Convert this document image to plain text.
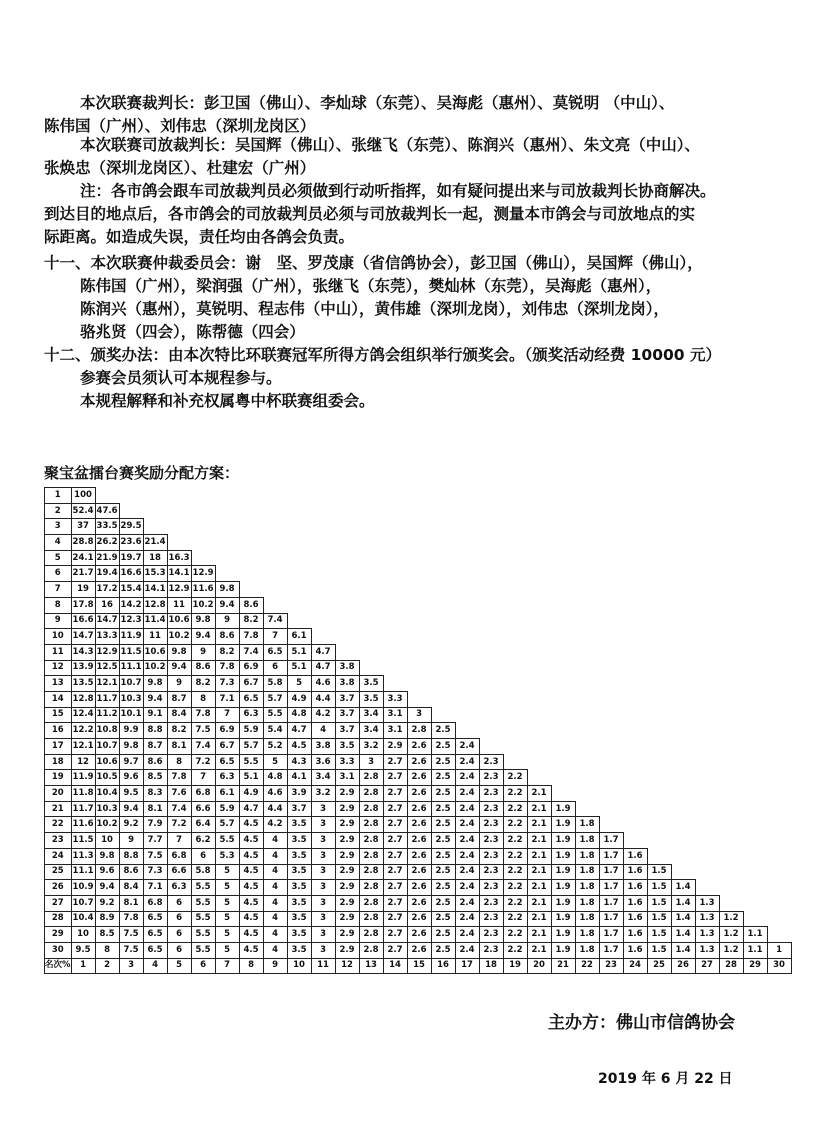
本次联赛裁判长：彭卫国（佛山）、李灿球（东莞）、吴海彪（惠州）、莫锐明 （中山）、
陈伟国（广州）、刘伟忠（深圳龙岗区）
本次联赛司放裁判长：吴国辉（佛山）、张继飞（东莞）、陈润兴（惠州）、朱文亮（中山）、
张焕忠（深圳龙岗区）、杜建宏（广州）
注：各市鸽会跟车司放裁判员必须做到行动听指挥，如有疑问提出来与司放裁判长协商解决。
到达目的地点后，各市鸽会的司放裁判员必须与司放裁判长一起，测量本市鸽会与司放地点的实
际距离。如造成失误，责任均由各鸽会负责。
十一、本次联赛仲裁委员会：谢　坚、罗茂康（省信鸽协会），彭卫国（佛山），吴国辉（佛山），
陈伟国（广州），梁润强（广州），张继飞（东莞），樊灿林（东莞），吴海彪（惠州），
陈润兴（惠州），莫锐明、程志伟（中山），黄伟雄（深圳龙岗），刘伟忠（深圳龙岗），
骆兆贤（四会），陈帮德（四会）
十二、颁奖办法：由本次特比环联赛冠军所得方鸽会组织举行颁奖会。（颁奖活动经费 10000 元）
参赛会员须认可本规程参与。
本规程解释和补充权属粤中杯联赛组委会。
聚宝盆擂台赛奖励分配方案：
1	100																													
2	52.4	47.6																												
3	37	33.5	29.5																											
4	28.8	26.2	23.6	21.4																										
5	24.1	21.9	19.7	18	16.3																									
6	21.7	19.4	16.6	15.3	14.1	12.9																								
7	19	17.2	15.4	14.1	12.9	11.6	9.8																							
8	17.8	16	14.2	12.8	11	10.2	9.4	8.6																						
9	16.6	14.7	12.3	11.4	10.6	9.8	9	8.2	7.4																					
10	14.7	13.3	11.9	11	10.2	9.4	8.6	7.8	7	6.1																				
11	14.3	12.9	11.5	10.6	9.8	9	8.2	7.4	6.5	5.1	4.7																			
12	13.9	12.5	11.1	10.2	9.4	8.6	7.8	6.9	6	5.1	4.7	3.8																		
13	13.5	12.1	10.7	9.8	9	8.2	7.3	6.7	5.8	5	4.6	3.8	3.5																	
14	12.8	11.7	10.3	9.4	8.7	8	7.1	6.5	5.7	4.9	4.4	3.7	3.5	3.3																
15	12.4	11.2	10.1	9.1	8.4	7.8	7	6.3	5.5	4.8	4.2	3.7	3.4	3.1	3															
16	12.2	10.8	9.9	8.8	8.2	7.5	6.9	5.9	5.4	4.7	4	3.7	3.4	3.1	2.8	2.5														
17	12.1	10.7	9.8	8.7	8.1	7.4	6.7	5.7	5.2	4.5	3.8	3.5	3.2	2.9	2.6	2.5	2.4													
18	12	10.6	9.7	8.6	8	7.2	6.5	5.5	5	4.3	3.6	3.3	3	2.7	2.6	2.5	2.4	2.3												
19	11.9	10.5	9.6	8.5	7.8	7	6.3	5.1	4.8	4.1	3.4	3.1	2.8	2.7	2.6	2.5	2.4	2.3	2.2											
20	11.8	10.4	9.5	8.3	7.6	6.8	6.1	4.9	4.6	3.9	3.2	2.9	2.8	2.7	2.6	2.5	2.4	2.3	2.2	2.1										
21	11.7	10.3	9.4	8.1	7.4	6.6	5.9	4.7	4.4	3.7	3	2.9	2.8	2.7	2.6	2.5	2.4	2.3	2.2	2.1	1.9									
22	11.6	10.2	9.2	7.9	7.2	6.4	5.7	4.5	4.2	3.5	3	2.9	2.8	2.7	2.6	2.5	2.4	2.3	2.2	2.1	1.9	1.8								
23	11.5	10	9	7.7	7	6.2	5.5	4.5	4	3.5	3	2.9	2.8	2.7	2.6	2.5	2.4	2.3	2.2	2.1	1.9	1.8	1.7							
24	11.3	9.8	8.8	7.5	6.8	6	5.3	4.5	4	3.5	3	2.9	2.8	2.7	2.6	2.5	2.4	2.3	2.2	2.1	1.9	1.8	1.7	1.6						
25	11.1	9.6	8.6	7.3	6.6	5.8	5	4.5	4	3.5	3	2.9	2.8	2.7	2.6	2.5	2.4	2.3	2.2	2.1	1.9	1.8	1.7	1.6	1.5					
26	10.9	9.4	8.4	7.1	6.3	5.5	5	4.5	4	3.5	3	2.9	2.8	2.7	2.6	2.5	2.4	2.3	2.2	2.1	1.9	1.8	1.7	1.6	1.5	1.4				
27	10.7	9.2	8.1	6.8	6	5.5	5	4.5	4	3.5	3	2.9	2.8	2.7	2.6	2.5	2.4	2.3	2.2	2.1	1.9	1.8	1.7	1.6	1.5	1.4	1.3			
28	10.4	8.9	7.8	6.5	6	5.5	5	4.5	4	3.5	3	2.9	2.8	2.7	2.6	2.5	2.4	2.3	2.2	2.1	1.9	1.8	1.7	1.6	1.5	1.4	1.3	1.2		
29	10	8.5	7.5	6.5	6	5.5	5	4.5	4	3.5	3	2.9	2.8	2.7	2.6	2.5	2.4	2.3	2.2	2.1	1.9	1.8	1.7	1.6	1.5	1.4	1.3	1.2	1.1	
30	9.5	8	7.5	6.5	6	5.5	5	4.5	4	3.5	3	2.9	2.8	2.7	2.6	2.5	2.4	2.3	2.2	2.1	1.9	1.8	1.7	1.6	1.5	1.4	1.3	1.2	1.1	1
名次%	1	2	3	4	5	6	7	8	9	10	11	12	13	14	15	16	17	18	19	20	21	22	23	24	25	26	27	28	29	30
主办方：佛山市信鸽协会
2019 年 6 月 22 日
